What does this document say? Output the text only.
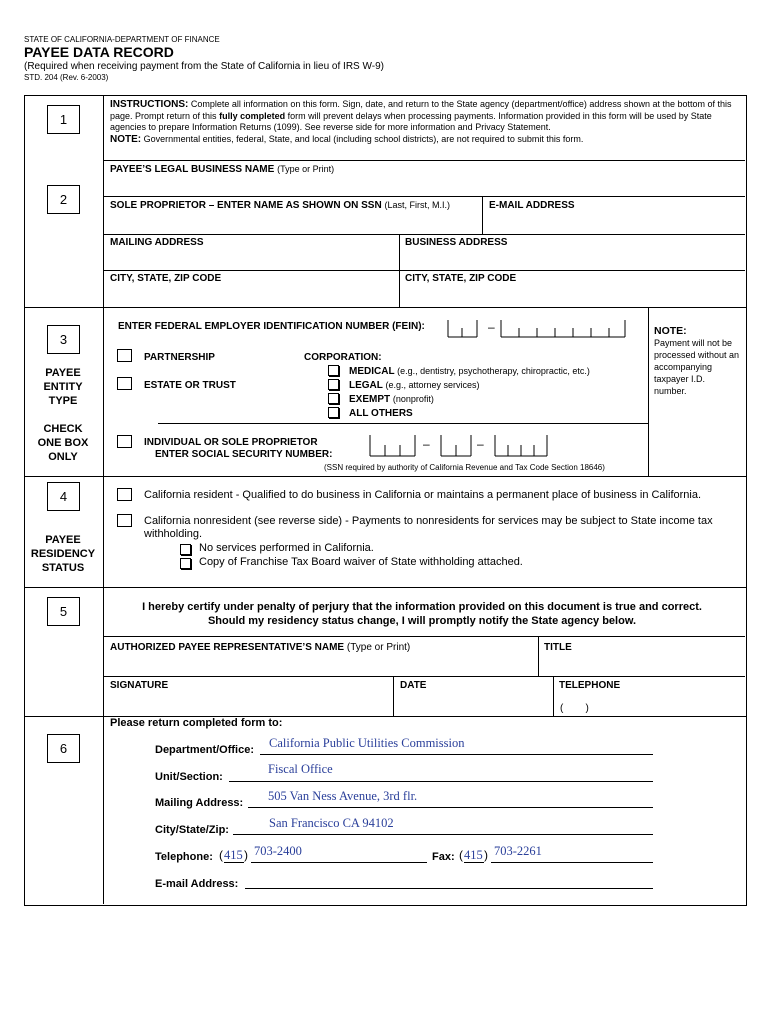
STATE OF CALIFORNIA-DEPARTMENT OF FINANCE
PAYEE DATA RECORD
(Required when receiving payment from the State of California in lieu of IRS W-9)
STD. 204 (Rev. 6-2003)
1
INSTRUCTIONS: Complete all information on this form. Sign, date, and return to the State agency (department/office) address shown at the bottom of this page. Prompt return of this fully completed form will prevent delays when processing payments. Information provided in this form will be used by State agencies to prepare Information Returns (1099). See reverse side for more information and Privacy Statement.
NOTE: Governmental entities, federal, State, and local (including school districts), are not required to submit this form.
2
PAYEE’S LEGAL BUSINESS NAME (Type or Print)
SOLE PROPRIETOR – ENTER NAME AS SHOWN ON SSN (Last, First, M.I.)	E-MAIL ADDRESS
MAILING ADDRESS	BUSINESS ADDRESS
CITY, STATE, ZIP CODE	CITY, STATE, ZIP CODE
3
PAYEE
ENTITY
TYPE
CHECK
ONE BOX
ONLY
ENTER FEDERAL EMPLOYER IDENTIFICATION NUMBER (FEIN):	–
PARTNERSHIP
ESTATE OR TRUST
CORPORATION:
MEDICAL (e.g., dentistry, psychotherapy, chiropractic, etc.)
LEGAL (e.g., attorney services)
EXEMPT (nonprofit)
ALL OTHERS
INDIVIDUAL OR SOLE PROPRIETOR
ENTER SOCIAL SECURITY NUMBER:
–	–
(SSN required by authority of California Revenue and Tax Code Section 18646)
NOTE:
Payment will not be processed without an accompanying taxpayer I.D. number.
4
PAYEE
RESIDENCY
STATUS
California resident - Qualified to do business in California or maintains a permanent place of business in California.
California nonresident (see reverse side) - Payments to nonresidents for services may be subject to State income tax
withholding.
No services performed in California.
Copy of Franchise Tax Board waiver of State withholding attached.
5	I hereby certify under penalty of perjury that the information provided on this document is true and correct.
Should my residency status change, I will promptly notify the State agency below.
AUTHORIZED PAYEE REPRESENTATIVE’S NAME (Type or Print)	TITLE
SIGNATURE	DATE	TELEPHONE
(        )
6
Please return completed form to:
Department/Office: California Public Utilities Commission
Unit/Section:
Fiscal Office
Mailing Address: 505 Van Ness Avenue, 3rd flr.
City/State/Zip:	San Francisco CA 94102
Telephone: ( 415 ) 703-2400	Fax: ( 415 ) 703-2261
E-mail Address:
